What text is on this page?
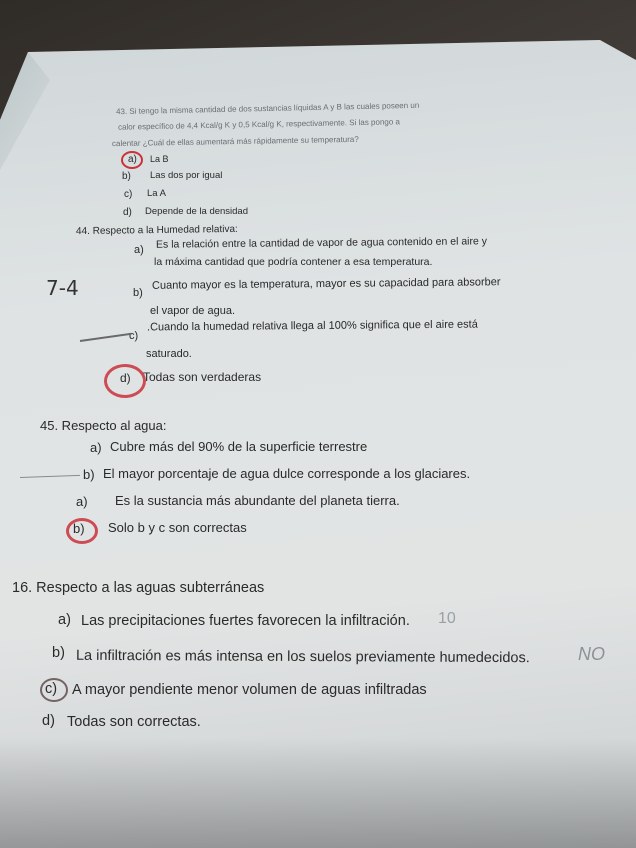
43. Si tengo la misma cantidad de dos sustancias líquidas A y B las cuales poseen un
calor específico de 4,4 Kcal/g K y 0,5 Kcal/g K, respectivamente. Si las pongo a
calentar ¿Cuál de ellas aumentará más rápidamente su temperatura?
a) La B
b) Las dos por igual
c) La A
d) Depende de la densidad
44. Respecto a la Humedad relativa:
a) Es la relación entre la cantidad de vapor de agua contenido en el aire y
la máxima cantidad que podría contener a esa temperatura.
b)
Cuanto mayor es la temperatura, mayor es su capacidad para absorber
el vapor de agua.
c)
.Cuando la humedad relativa llega al 100% significa que el aire está
saturado.
d) Todas son verdaderas
45. Respecto al agua:
a) Cubre más del 90% de la superficie terrestre
b) El mayor porcentaje de agua dulce corresponde a los glaciares.
a) Es la sustancia más abundante del planeta tierra.
b) Solo b y c son correctas
16. Respecto a las aguas subterráneas
a) Las precipitaciones fuertes favorecen la infiltración.
b) La infiltración es más intensa en los suelos previamente humedecidos.
c) A mayor pendiente menor volumen de aguas infiltradas
d) Todas son correctas.
7-4
10
NO
